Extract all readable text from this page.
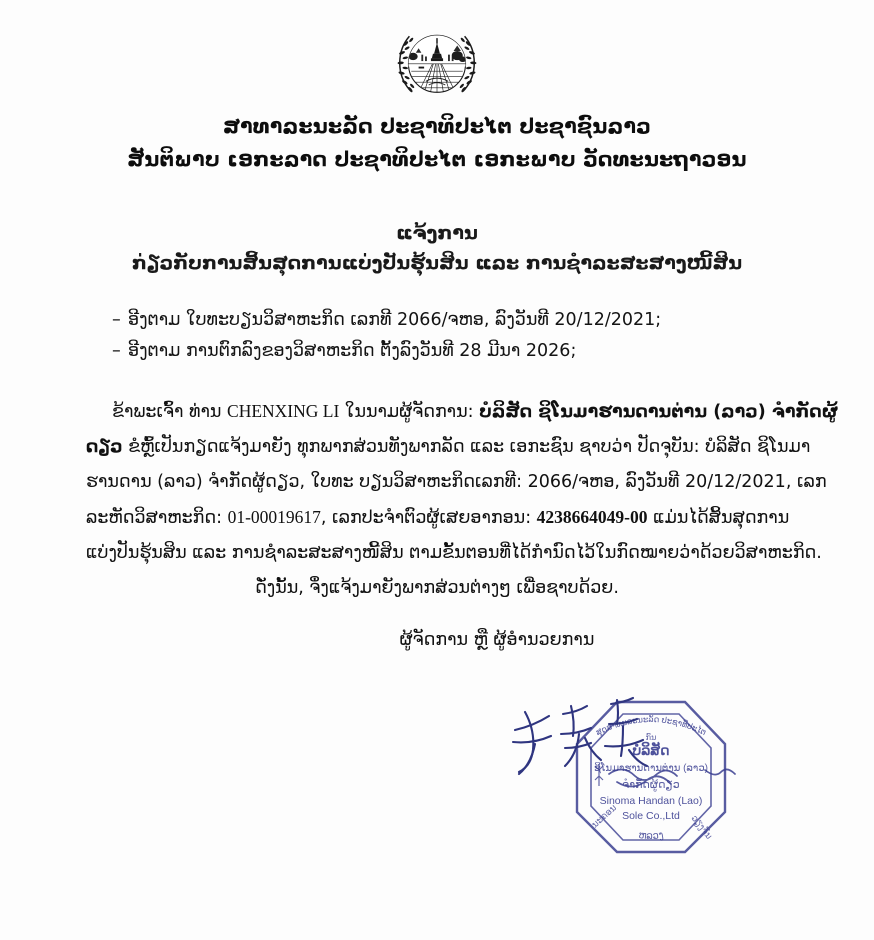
ສາທາລະນະລັດ ປະຊາທິປະໄຕ ປະຊາຊົນລາວ
ສັນຕິພາບ ເອກະລາດ ປະຊາທິປະໄຕ ເອກະພາບ ວັດທະນະຖາວອນ
ແຈ້ງການ
ກ່ຽວກັບການສິ້ນສຸດການແບ່ງປັນຮຸ້ນສິນ ແລະ ການຊຳລະສະສາງໜີ້ສິນ
– ອີງຕາມ ໃບທະບຽນວິສາຫະກິດ ເລກທີ 2066/ຈຫອ, ລົງວັນທີ 20/12/2021;
– ອີງຕາມ ການຕົກລົງຂອງວິສາຫະກິດ ຕັ້ງລົງວັນທີ 28 ມີນາ 2026;
ຂ້າພະເຈົ້າ ທ່ານ CHENXING LI ໃນນາມຜູ້ຈັດການ: ບໍລິສັດ ຊິໂນມາຮານດານຕ່ານ (ລາວ) ຈຳກັດຜູ້
ດຽວ ຂໍຫຼົ້ເປັນກຽດແຈ້ງມາຍັງ ທຸກພາກສ່ວນທັງພາກລັດ ແລະ ເອກະຊົນ ຊາບວ່າ ປັດຈຸບັນ: ບໍລິສັດ ຊິໂນມາ
ຮານດານ (ລາວ) ຈຳກັດຜູ້ດຽວ, ໃບທະ ບຽນວິສາຫະກິດເລກທີ: 2066/ຈຫອ, ລົງວັນທີ 20/12/2021, ເລກ
ລະຫັດວິສາຫະກິດ: 01-00019617, ເລກປະຈຳຕົວຜູ້ເສຍອາກອນ: 4238664049-00 ແມ່ນໄດ້ສິ້ນສຸດການ
ແບ່ງປັນຮຸ້ນສິນ ແລະ ການຊຳລະສະສາງໜີ້ສິນ ຕາມຂັ້ນຕອນທີ່ໄດ້ກຳນົດໄວ້ໃນກົດໝາຍວ່າດ້ວຍວິສາຫະກິດ.
ດັ່ງນັ້ນ, ຈຶ່ງແຈ້ງມາຍັງພາກສ່ວນຕ່າງໆ ເພື່ອຊາບດ້ວຍ.
ຜູ້ຈັດການ ຫຼື ຜູ້ອຳນວຍການ
ສຸດສາທະລະນະລັດ ປະຊາທິປະໄຕ
ກົນ
ບໍລິສັດ
ຊິໂນມາຮານດານຕ່ານ (ລາວ)
ຈຳກັດຜູ້ດຽວ
Sinoma Handan (Lao)
Sole Co.,Ltd
ຫລວງ
ນະຄອນ	ວຽງຈັນ
